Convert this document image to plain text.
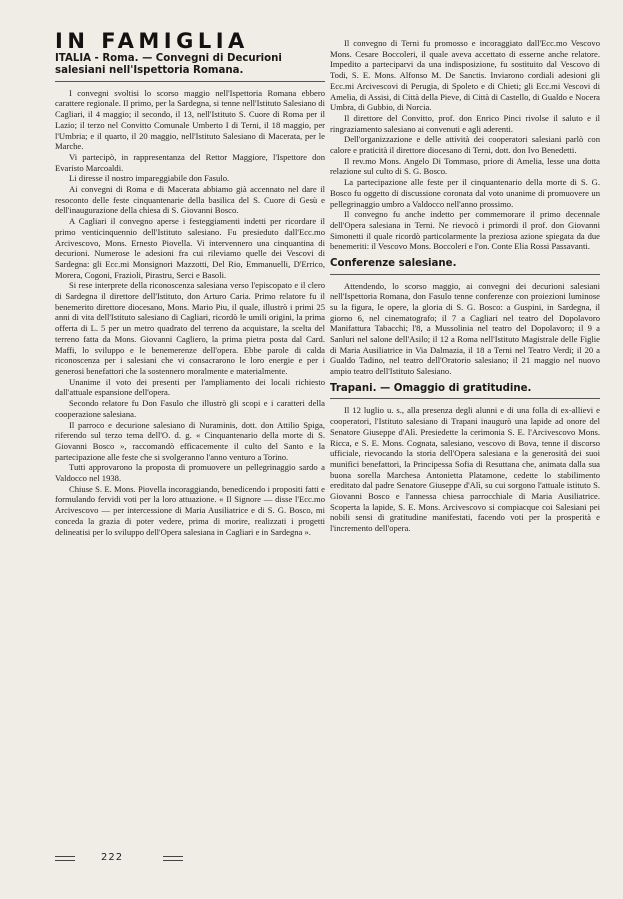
IN FAMIGLIA
ITALIA - Roma. — Convegni di Decurioni salesiani nell'Ispettoria Romana.

I convegni svoltisi lo scorso maggio nell'Ispettoria Romana ebbero carattere regionale. Il primo, per la Sardegna, si tenne nell'Istituto Salesiano di Cagliari, il 4 maggio; il secondo, il 13, nell'Istituto S. Cuore di Roma per il Lazio; il terzo nel Convitto Comunale Umberto I di Terni, il 18 maggio, per l'Umbria; e il quarto, il 20 maggio, nell'Istituto Salesiano di Macerata, per le Marche.

Vi partecipò, in rappresentanza del Rettor Maggiore, l'Ispettore don Evaristo Marcoaldi.

Li diresse il nostro impareggiabile don Fasulo.

Ai convegni di Roma e di Macerata abbiamo già accennato nel dare il resoconto delle feste cinquantenarie della basilica del S. Cuore di Gesù e dell'inaugurazione della chiesa di S. Giovanni Bosco.

A Cagliari il convegno aperse i festeggiamenti indetti per ricordare il primo venticinquennio dell'Istituto salesiano. Fu presieduto dall'Ecc.mo Arcivescovo, Mons. Ernesto Piovella. Vi intervennero una cinquantina di decurioni. Numerose le adesioni fra cui rileviamo quelle dei Vescovi di Sardegna: gli Ecc.mi Monsignori Mazzotti, Del Rio, Emmanuelli, D'Errico, Morera, Cogoni, Frazioli, Pirastru, Serci e Basoli.

Si rese interprete della riconoscenza salesiana verso l'episcopato e il clero di Sardegna il direttore dell'Istituto, don Arturo Caria. Primo relatore fu il benemerito direttore diocesano, Mons. Mario Piu, il quale, illustrò i primi 25 anni di vita dell'Istituto salesiano di Cagliari, ricordò le umili origini, la prima offerta di L. 5 per un metro quadrato del terreno da acquistare, la scelta del terreno fatta da Mons. Giovanni Cagliero, la prima pietra posta dal Card. Maffi, lo sviluppo e le benemerenze dell'opera. Ebbe parole di calda riconoscenza per i salesiani che vi consacrarono le loro energie e per i generosi benefattori che la sostennero moralmente e materialmente.

Unanime il voto dei presenti per l'ampliamento dei locali richiesto dall'attuale espansione dell'opera.

Secondo relatore fu Don Fasulo che illustrò gli scopi e i caratteri della cooperazione salesiana.

Il parroco e decurione salesiano di Nuraminis, dott. don Attilio Spiga, riferendo sul terzo tema dell'O. d. g. « Cinquantenario della morte di S. Giovanni Bosco », raccomandò efficacemente il culto del Santo e la partecipazione alle feste che si svolgeranno l'anno venturo a Torino.

Tutti approvarono la proposta di promuovere un pellegrinaggio sardo a Valdocco nel 1938.

Chiuse S. E. Mons. Piovella incoraggiando, benedicendo i propositi fatti e formulando fervidi voti per la loro attuazione. « Il Signore — disse l'Ecc.mo Arcivescovo — per intercessione di Maria Ausiliatrice e di S. G. Bosco, mi conceda la grazia di poter vedere, prima di morire, realizzati i progetti delineatisi per lo sviluppo dell'Opera salesiana in Cagliari e in Sardegna ».

Il convegno di Terni fu promosso e incoraggiato dall'Ecc.mo Vescovo Mons. Cesare Boccoleri, il quale aveva accettato di esserne anche relatore. Impedito a parteciparvi da una indisposizione, fu sostituito dal Vescovo di Todi, S. E. Mons. Alfonso M. De Sanctis. Inviarono cordiali adesioni gli Ecc.mi Arcivescovi di Perugia, di Spoleto e di Chieti; gli Ecc.mi Vescovi di Amelia, di Assisi, di Città della Pieve, di Città di Castello, di Gualdo e Nocera Umbra, di Gubbio, di Norcia.

Il direttore del Convitto, prof. don Enrico Pinci rivolse il saluto e il ringraziamento salesiano ai convenuti e agli aderenti.

Dell'organizzazione e delle attività dei cooperatori salesiani parlò con calore e praticità il direttore diocesano di Terni, dott. don Ivo Benedetti.

Il rev.mo Mons. Angelo Di Tommaso, priore di Amelia, lesse una dotta relazione sul culto di S. G. Bosco.

La partecipazione alle feste per il cinquantenario della morte di S. G. Bosco fu oggetto di discussione coronata dal voto unanime di promuovere un pellegrinaggio umbro a Valdocco nell'anno prossimo.

Il convegno fu anche indetto per commemorare il primo decennale dell'Opera salesiana in Terni. Ne rievocò i primordi il prof. don Giovanni Simonetti il quale ricordò particolarmente la preziosa azione spiegata da due benemeriti: il Vescovo Mons. Boccoleri e l'on. Conte Elia Rossi Passavanti.

Conferenze salesiane.

Attendendo, lo scorso maggio, ai convegni dei decurioni salesiani nell'Ispettoria Romana, don Fasulo tenne conferenze con proiezioni luminose su la figura, le opere, la gloria di S. G. Bosco: a Guspini, in Sardegna, il giorno 6, nel cinematografo; il 7 a Cagliari nel teatro del Dopolavoro Manifattura Tabacchi; l'8, a Mussolinia nel teatro del Dopolavoro; il 9 a Sanluri nel salone dell'Asilo; il 12 a Roma nell'Istituto Magistrale delle Figlie di Maria Ausiliatrice in Via Dalmazia, il 18 a Terni nel Teatro Verdi; il 20 a Gualdo Tadino, nel teatro dell'Oratorio salesiano; il 21 maggio nel nuovo ampio teatro dell'Istituto Salesiano.

Trapani. — Omaggio di gratitudine.

Il 12 luglio u. s., alla presenza degli alunni e di una folla di ex-allievi e cooperatori, l'Istituto salesiano di Trapani inaugurò una lapide ad onore del Senatore Giuseppe d'Alì. Presiedette la cerimonia S. E. l'Arcivescovo Mons. Ricca, e S. E. Mons. Cognata, salesiano, vescovo di Bova, tenne il discorso ufficiale, rievocando la storia dell'Opera salesiana e la generosità dei suoi munifici benefattori, la Principessa Sofia di Resuttana che, animata dalla sua buona sorella Marchesa Antonietta Platamone, cedette lo stabilimento ereditato dal padre Senatore Giuseppe d'Alì, su cui sorgono l'attuale istituto S. Giovanni Bosco e l'annessa chiesa parrocchiale di Maria Ausiliatrice. Scoperta la lapide, S. E. Mons. Arcivescovo si compiacque coi Salesiani pei nobili sensi di gratitudine manifestati, facendo voti per la prosperità e l'incremento dell'opera.

222
